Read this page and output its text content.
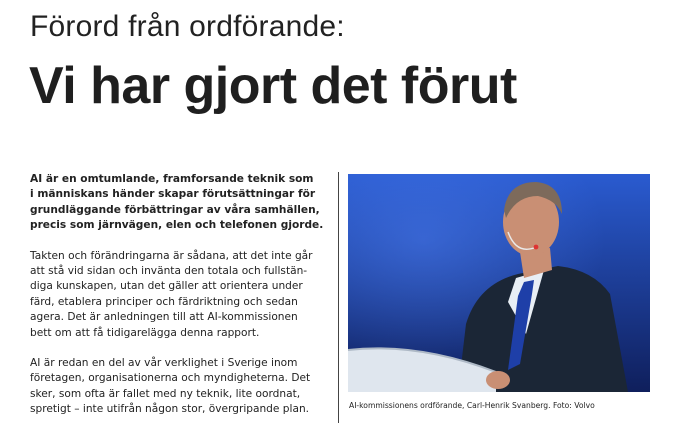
Förord från ordförande:
Vi har gjort det förut

AI är en omtumlande, framforsande teknik som
i människans händer skapar förutsättningar för
grundläggande förbättringar av våra samhällen,
precis som järnvägen, elen och telefonen gjorde.

Takten och förändringarna är sådana, att det inte går
att stå vid sidan och invänta den totala och fullstän-
diga kunskapen, utan det gäller att orientera under
färd, etablera principer och färdriktning och sedan
agera. Det är anledningen till att AI-kommissionen
bett om att få tidigarelägga denna rapport.

AI är redan en del av vår verklighet i Sverige inom
företagen, organisationerna och myndigheterna. Det
sker, som ofta är fallet med ny teknik, lite oordnat,
spretigt – inte utifrån någon stor, övergripande plan.	AI-kommissionens ordförande, Carl-Henrik Svanberg. Foto: Volvo
